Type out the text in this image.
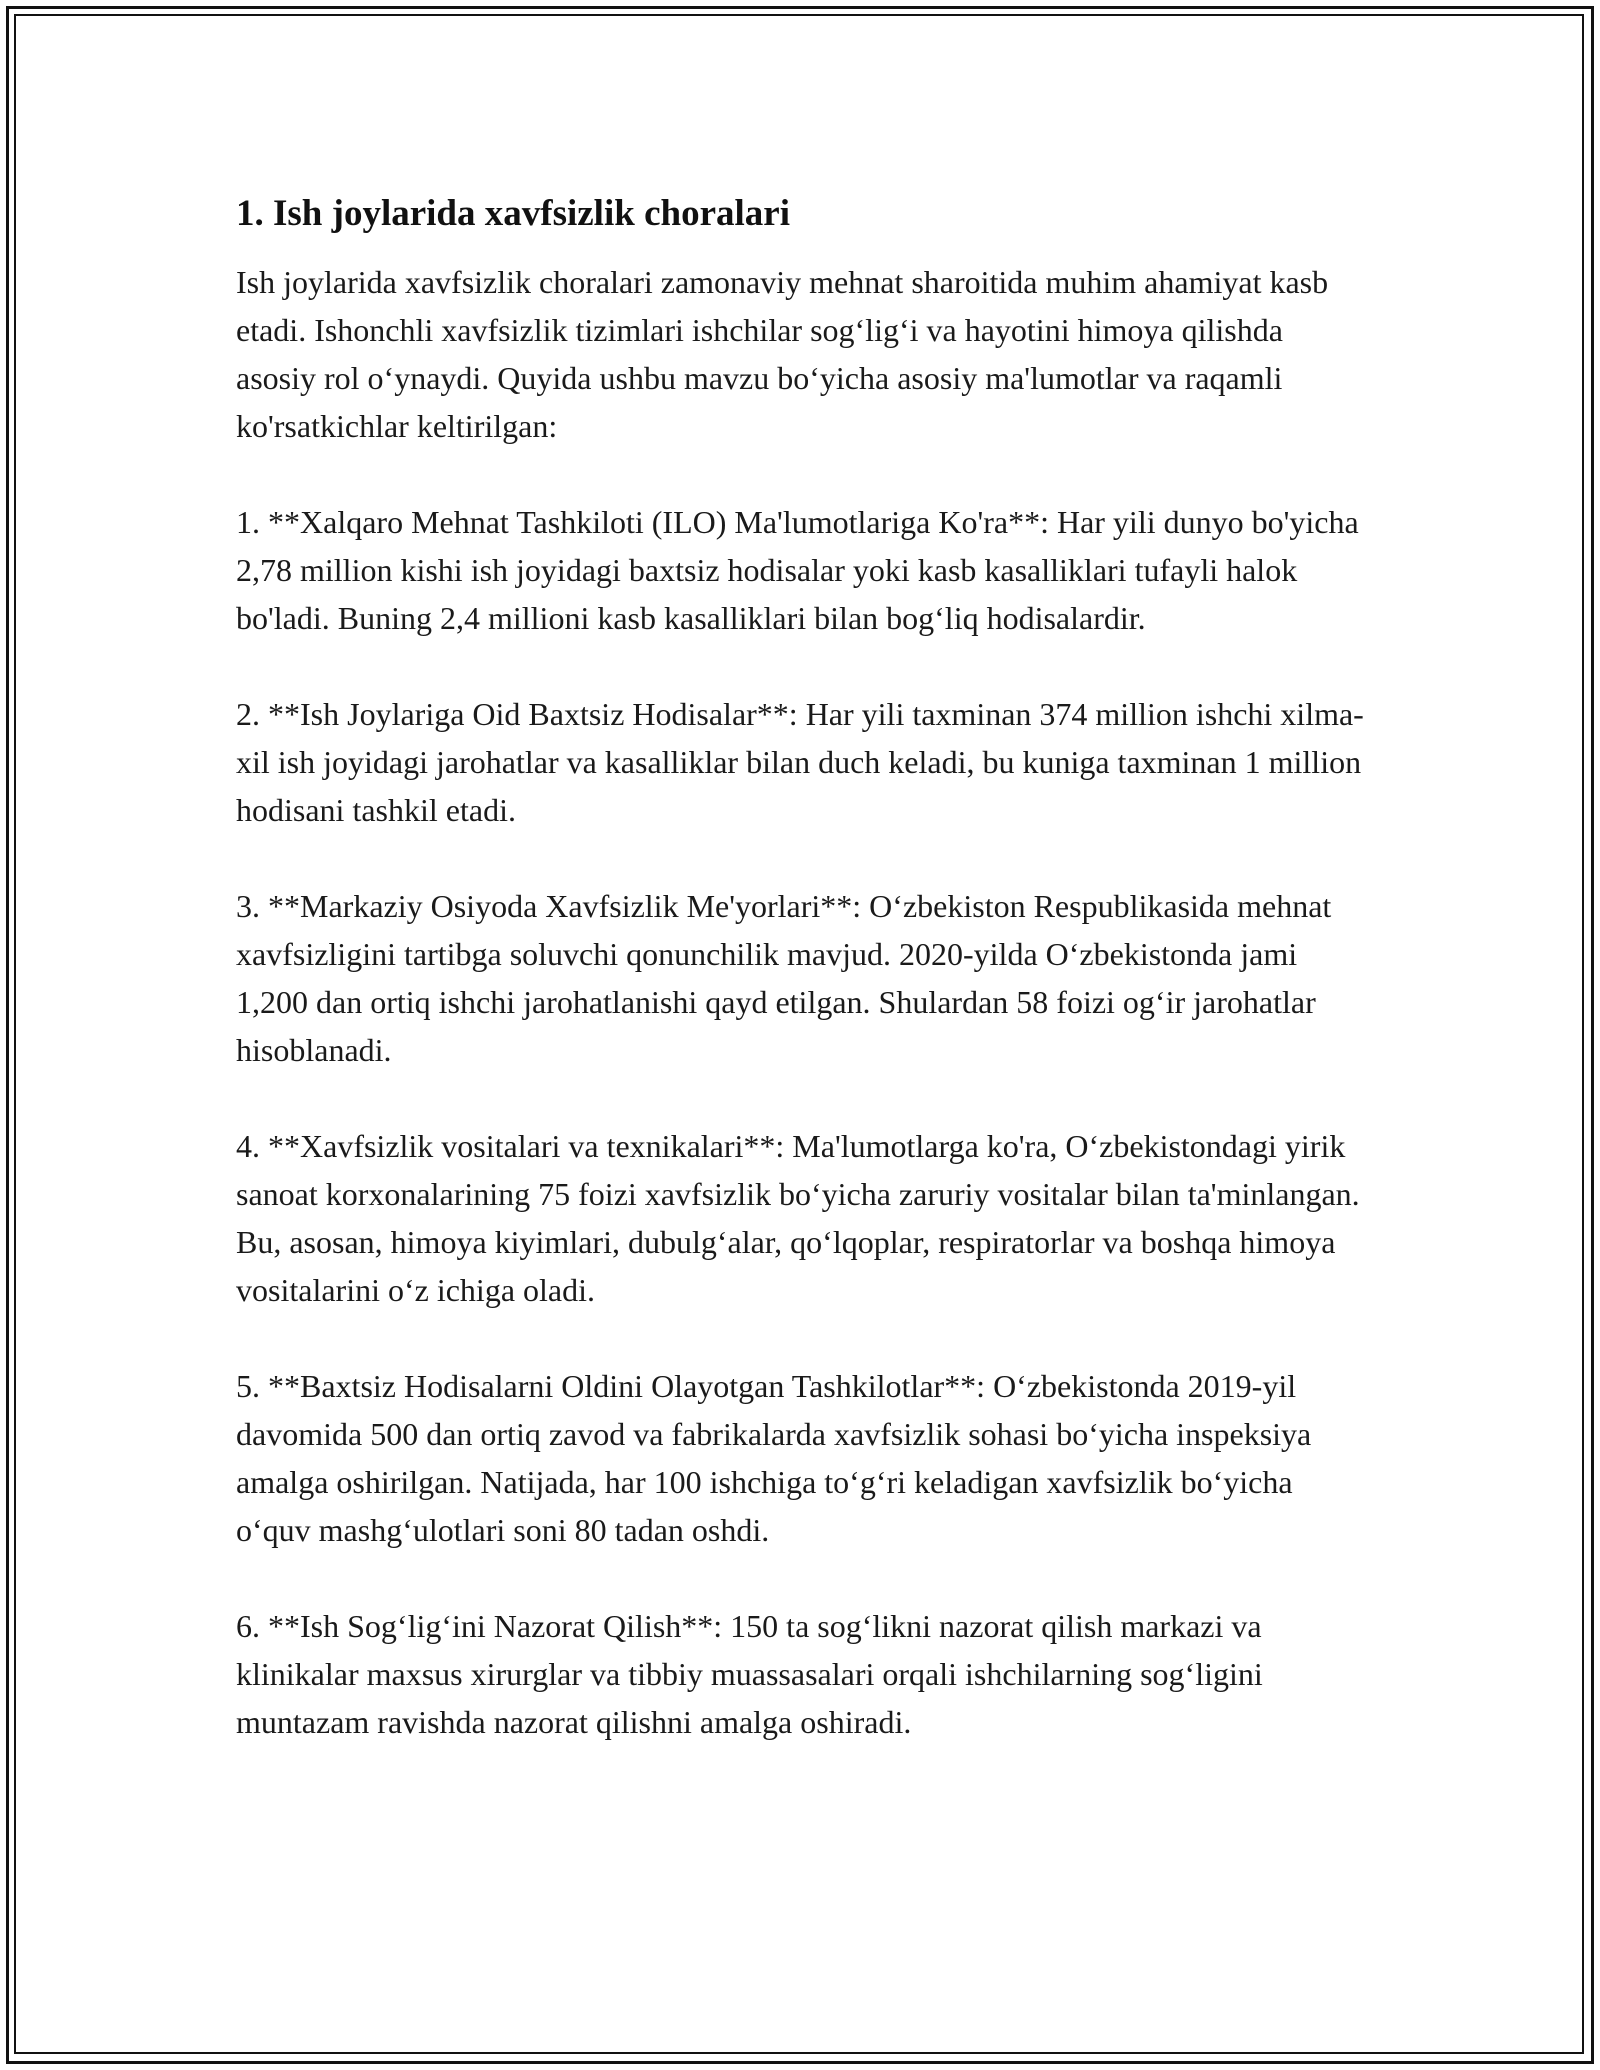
1. Ish joylarida xavfsizlik choralari

Ish joylarida xavfsizlik choralari zamonaviy mehnat sharoitida muhim ahamiyat kasb etadi. Ishonchli xavfsizlik tizimlari ishchilar sog‘lig‘i va hayotini himoya qilishda asosiy rol o‘ynaydi. Quyida ushbu mavzu bo‘yicha asosiy ma'lumotlar va raqamli ko'rsatkichlar keltirilgan:

1. **Xalqaro Mehnat Tashkiloti (ILO) Ma'lumotlariga Ko'ra**: Har yili dunyo bo'yicha 2,78 million kishi ish joyidagi baxtsiz hodisalar yoki kasb kasalliklari tufayli halok bo'ladi. Buning 2,4 millioni kasb kasalliklari bilan bog‘liq hodisalardir.

2. **Ish Joylariga Oid Baxtsiz Hodisalar**: Har yili taxminan 374 million ishchi xilma-xil ish joyidagi jarohatlar va kasalliklar bilan duch keladi, bu kuniga taxminan 1 million hodisani tashkil etadi.

3. **Markaziy Osiyoda Xavfsizlik Me'yorlari**: O‘zbekiston Respublikasida mehnat xavfsizligini tartibga soluvchi qonunchilik mavjud. 2020-yilda O‘zbekistonda jami 1,200 dan ortiq ishchi jarohatlanishi qayd etilgan. Shulardan 58 foizi og‘ir jarohatlar hisoblanadi.

4. **Xavfsizlik vositalari va texnikalari**: Ma'lumotlarga ko'ra, O‘zbekistondagi yirik sanoat korxonalarining 75 foizi xavfsizlik bo‘yicha zaruriy vositalar bilan ta'minlangan. Bu, asosan, himoya kiyimlari, dubulg‘alar, qo‘lqoplar, respiratorlar va boshqa himoya vositalarini o‘z ichiga oladi.

5. **Baxtsiz Hodisalarni Oldini Olayotgan Tashkilotlar**: O‘zbekistonda 2019-yil davomida 500 dan ortiq zavod va fabrikalarda xavfsizlik sohasi bo‘yicha inspeksiya amalga oshirilgan. Natijada, har 100 ishchiga to‘g‘ri keladigan xavfsizlik bo‘yicha o‘quv mashg‘ulotlari soni 80 tadan oshdi.

6. **Ish Sog‘lig‘ini Nazorat Qilish**: 150 ta sog‘likni nazorat qilish markazi va klinikalar maxsus xirurglar va tibbiy muassasalari orqali ishchilarning sog‘ligini muntazam ravishda nazorat qilishni amalga oshiradi.
